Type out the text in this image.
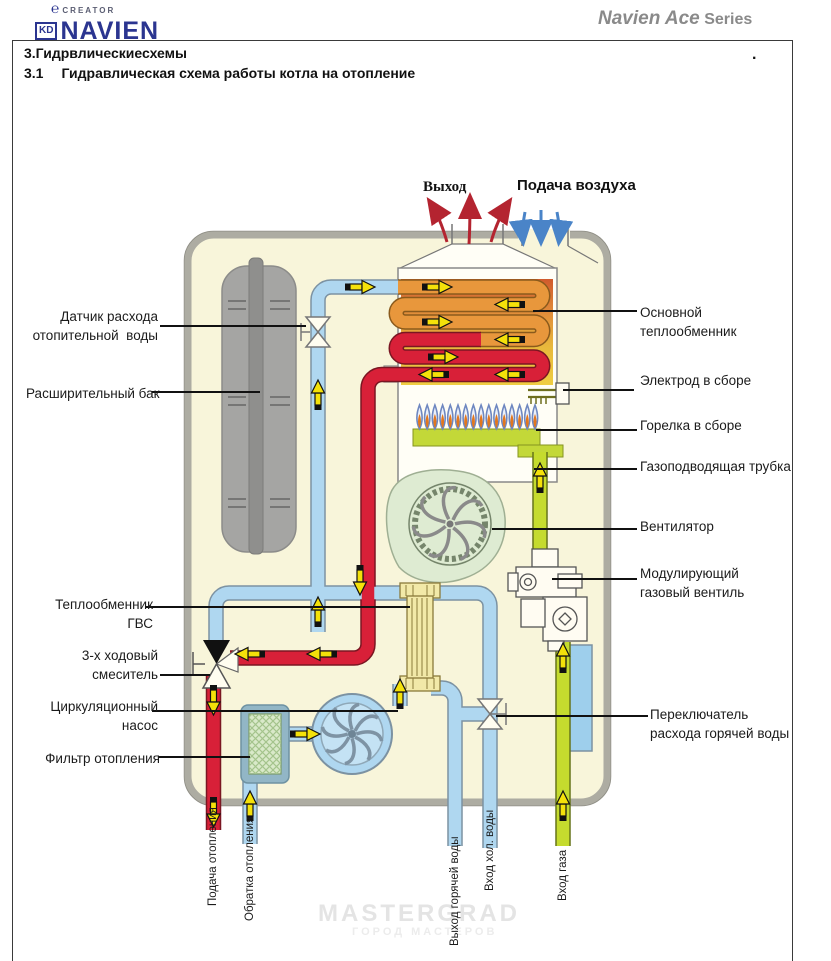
MASTERGRAD
ГОРОД МАСТЕРОВ
℮ CREATOR
KD NAVIEN	Navien Ace Series
3.Гидрвлическиесхемы
3.1 Гидравлическая схема работы котла на отопление
.
Выход	Подача воздуха
Датчик расхода
отопительной  воды
Расширительный бак
Теплообменник
ГВС
3-х ходовый
смеситель
Циркуляционный
насос
Фильтр отопления
Основной
теплообменник
Электрод в сборе
Горелка в сборе
Газоподводящая трубка
Вентилятор
Модулирующий
газовый вентиль
Переключатель
расхода горячей воды
Подача отопления Обратка отопления	Выход горячей воды Вход хол. воды	Вход газа
